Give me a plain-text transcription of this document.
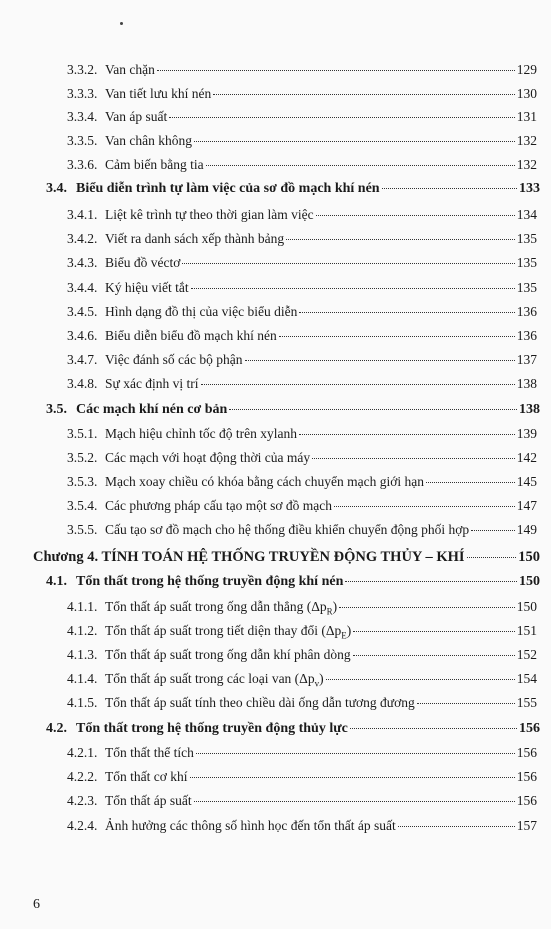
3.3.2. Van chặn	129
3.3.3. Van tiết lưu khí nén	130
3.3.4. Van áp suất	131
3.3.5. Van chân không	132
3.3.6. Cảm biến bằng tia	132
3.4. Biểu diễn trình tự làm việc của sơ đồ mạch khí nén	133
3.4.1. Liệt kê trình tự theo thời gian làm việc	134
3.4.2. Viết ra danh sách xếp thành bảng	135
3.4.3. Biểu đồ véctơ	135
3.4.4. Ký hiệu viết tắt	135
3.4.5. Hình dạng đồ thị của việc biểu diễn	136
3.4.6. Biểu diễn biểu đồ mạch khí nén	136
3.4.7. Việc đánh số các bộ phận	137
3.4.8. Sự xác định vị trí	138
3.5. Các mạch khí nén cơ bản	138
3.5.1. Mạch hiệu chỉnh tốc độ trên xylanh	139
3.5.2. Các mạch với hoạt động thời của máy	142
3.5.3. Mạch xoay chiều có khóa bằng cách chuyển mạch giới hạn	145
3.5.4. Các phương pháp cấu tạo một sơ đồ mạch	147
3.5.5. Cấu tạo sơ đồ mạch cho hệ thống điều khiển chuyển động phối hợp	149
Chương 4. TÍNH TOÁN HỆ THỐNG TRUYỀN ĐỘNG THỦY – KHÍ	150
4.1. Tổn thất trong hệ thống truyền động khí nén	150
4.1.1. Tổn thất áp suất trong ống dẫn thẳng $(\Delta p_R)$	150
4.1.2. Tổn thất áp suất trong tiết diện thay đổi $(\Delta p_E)$	151
4.1.3. Tổn thất áp suất trong ống dẫn khí phân dòng	152
4.1.4. Tổn thất áp suất trong các loại van $(\Delta p_v)$	154
4.1.5. Tổn thất áp suất tính theo chiều dài ống dẫn tương đương	155
4.2. Tổn thất trong hệ thống truyền động thủy lực	156
4.2.1. Tổn thất thể tích	156
4.2.2. Tổn thất cơ khí	156
4.2.3. Tổn thất áp suất	156
4.2.4. Ảnh hưởng các thông số hình học đến tổn thất áp suất	157
6
